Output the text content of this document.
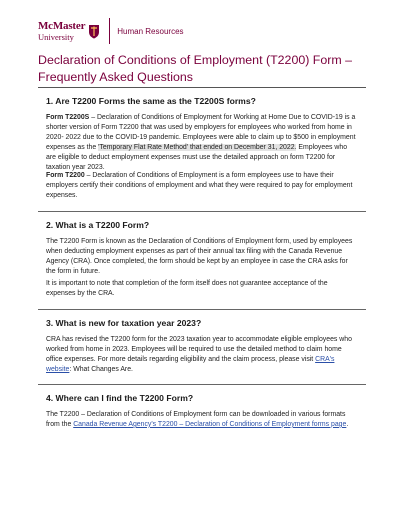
McMaster
University
Human Resources
Declaration of Conditions of Employment (T2200) Form – Frequently Asked Questions
1. Are T2200 Forms the same as the T2200S forms?
Form T2200S – Declaration of Conditions of Employment for Working at Home Due to COVID-19 is a shorter version of Form T2200 that was used by employers for employees who worked from home in 2020- 2022 due to the COVID-19 pandemic. Employees were able to claim up to $500 in employment expenses as the 'Temporary Flat Rate Method' that ended on December 31, 2022. Employees who are eligible to deduct employment expenses must use the detailed approach on form T2200 for taxation year 2023.
Form T2200 – Declaration of Conditions of Employment is a form employees use to have their employers certify their conditions of employment and what they were required to pay for employment expenses.
2. What is a T2200 Form?
The T2200 Form is known as the Declaration of Conditions of Employment form, used by employees when deducting employment expenses as part of their annual tax filing with the Canada Revenue Agency (CRA). Once completed, the form should be kept by an employee in case the CRA asks for the form in future.
It is important to note that completion of the form itself does not guarantee acceptance of the expenses by the CRA.
3. What is new for taxation year 2023?
CRA has revised the T2200 form for the 2023 taxation year to accommodate eligible employees who worked from home in 2023. Employees will be required to use the detailed method to claim home office expenses. For more details regarding eligibility and the claim process, please visit CRA's website: What Changes Are.
4. Where can I find the T2200 Form?
The T2200 – Declaration of Conditions of Employment form can be downloaded in various formats from the Canada Revenue Agency's T2200 – Declaration of Conditions of Employment forms page.
